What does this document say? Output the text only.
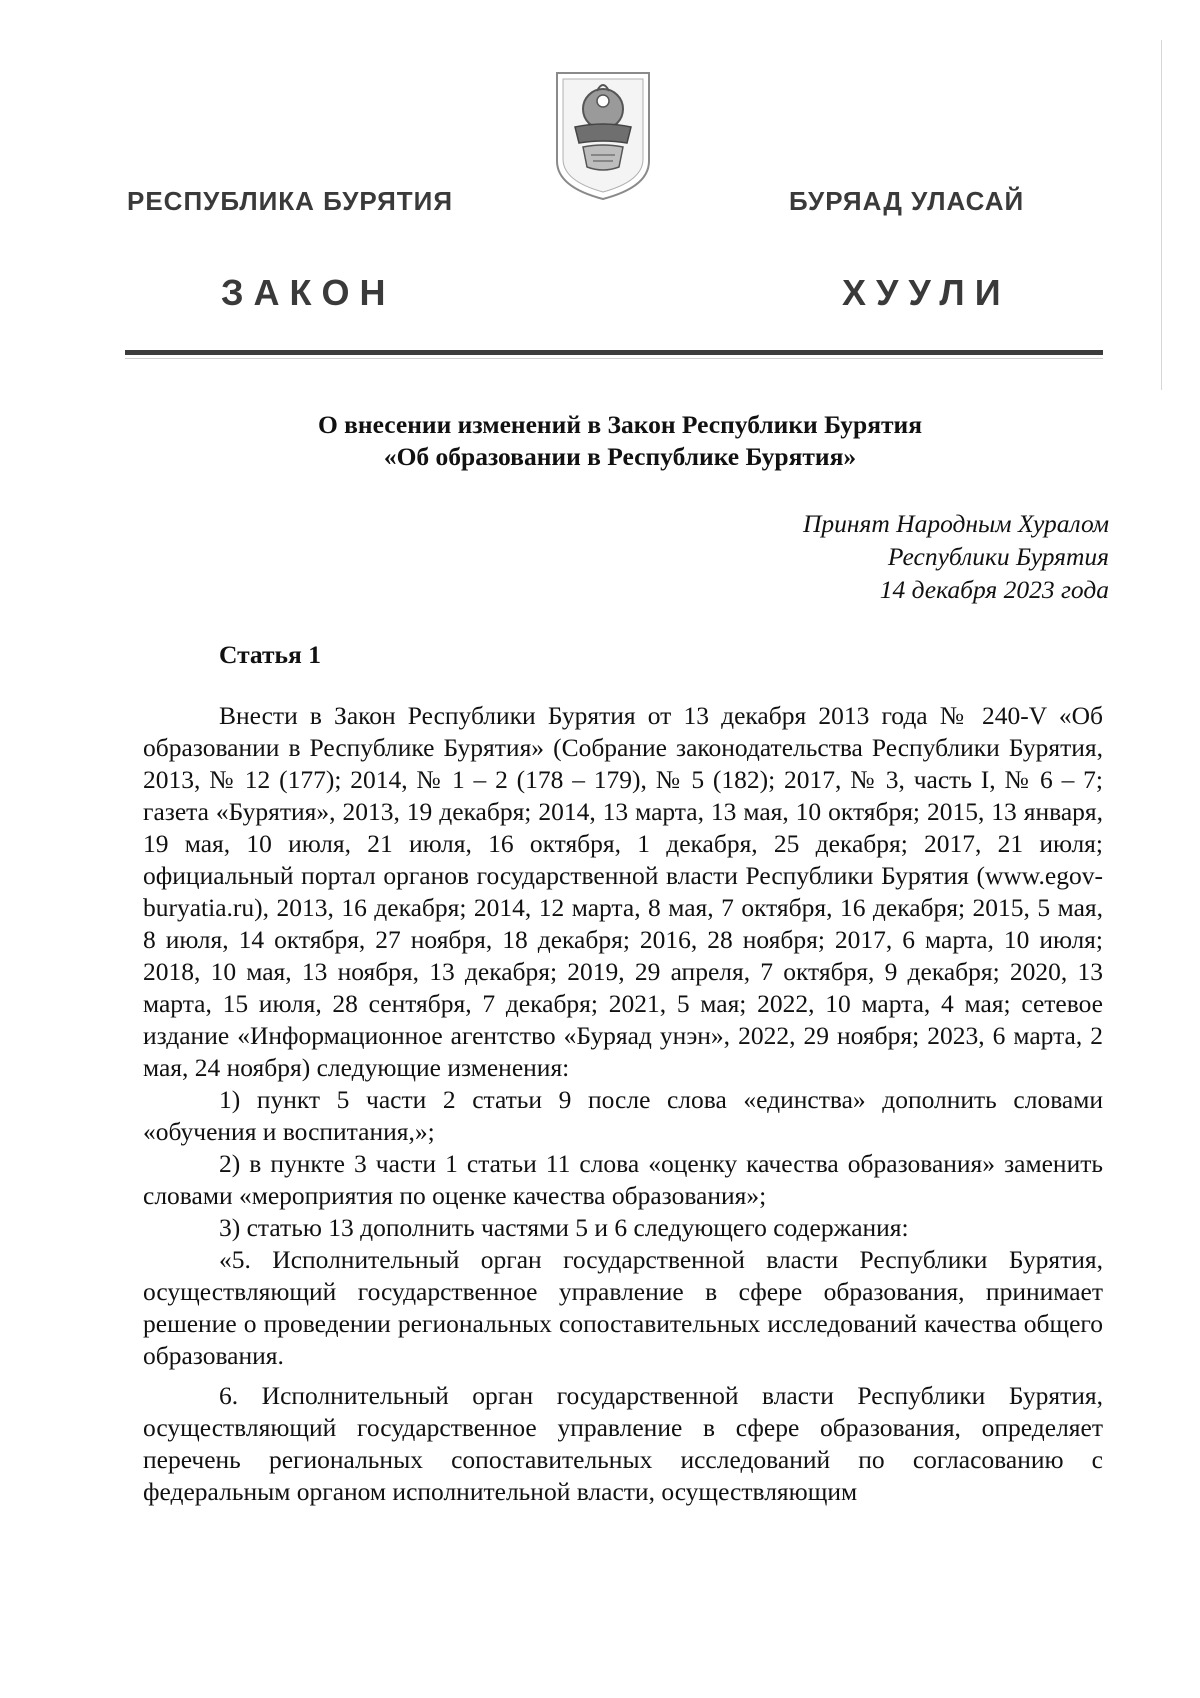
РЕСПУБЛИКА БУРЯТИЯ	БУРЯАД УЛАСАЙ
ЗАКОН	ХУУЛИ
О внесении изменений в Закон Республики Бурятия
«Об образовании в Республике Бурятия»
Принят Народным Хуралом
Республики Бурятия
14 декабря 2023 года
Статья 1

Внести в Закон Республики Бурятия от 13 декабря 2013 года № 240-V «Об образовании в Республике Бурятия» (Собрание законодательства Республики Бурятия, 2013, № 12 (177); 2014, № 1 – 2 (178 – 179), № 5 (182); 2017, № 3, часть I, № 6 – 7; газета «Бурятия», 2013, 19 декабря; 2014, 13 марта, 13 мая, 10 октября; 2015, 13 января, 19 мая, 10 июля, 21 июля, 16 октября, 1 декабря, 25 декабря; 2017, 21 июля; официальный портал органов государственной власти Республики Бурятия (www.egov-buryatia.ru), 2013, 16 декабря; 2014, 12 марта, 8 мая, 7 октября, 16 декабря; 2015, 5 мая, 8 июля, 14 октября, 27 ноября, 18 декабря; 2016, 28 ноября; 2017, 6 марта, 10 июля; 2018, 10 мая, 13 ноября, 13 декабря; 2019, 29 апреля, 7 октября, 9 декабря; 2020, 13 марта, 15 июля, 28 сентября, 7 декабря; 2021, 5 мая; 2022, 10 марта, 4 мая; сетевое издание «Информационное агентство «Буряад унэн», 2022, 29 ноября; 2023, 6 марта, 2 мая, 24 ноября) следующие изменения:

1) пункт 5 части 2 статьи 9 после слова «единства» дополнить словами «обучения и воспитания,»;

2) в пункте 3 части 1 статьи 11 слова «оценку качества образования» заменить словами «мероприятия по оценке качества образования»;

3) статью 13 дополнить частями 5 и 6 следующего содержания:

«5. Исполнительный орган государственной власти Республики Бурятия, осуществляющий государственное управление в сфере образования, принимает решение о проведении региональных сопоставительных исследований качества общего образования.

6. Исполнительный орган государственной власти Республики Бурятия, осуществляющий государственное управление в сфере образования, определяет перечень региональных сопоставительных исследований по согласованию с федеральным органом исполнительной власти, осуществляющим
